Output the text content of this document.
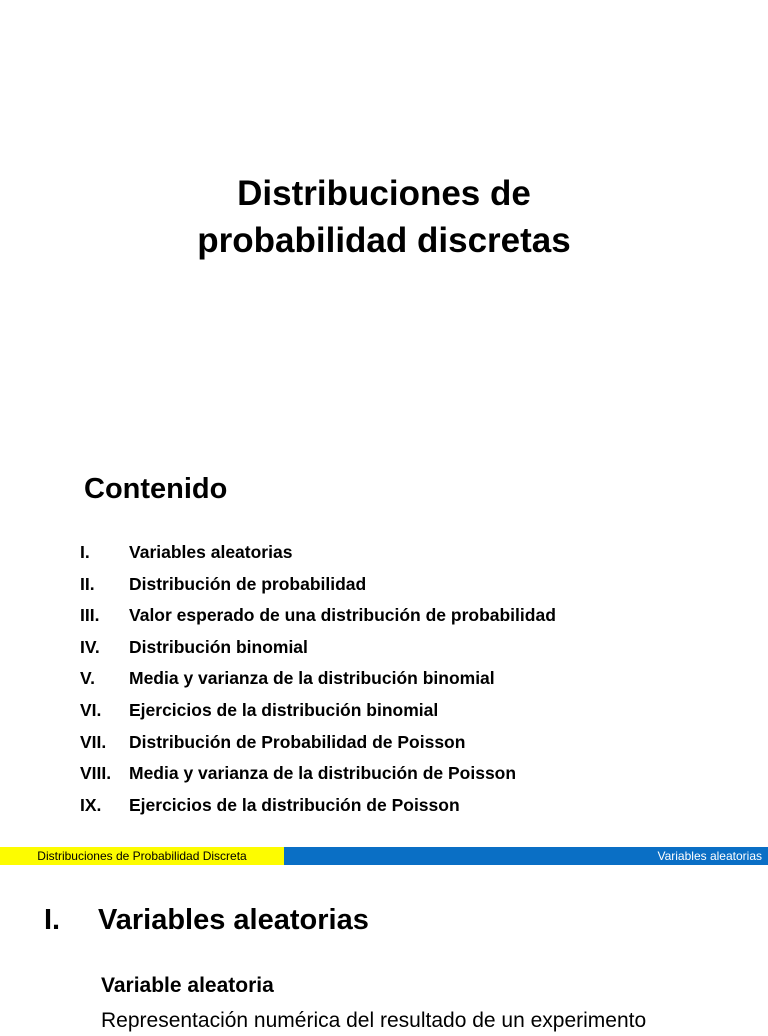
Distribuciones de
probabilidad discretas
Contenido
I.	Variables aleatorias
II.	Distribución de probabilidad
III.	Valor esperado de una distribución de probabilidad
IV.	Distribución binomial
V.	Media y varianza de la distribución binomial
VI.	Ejercicios de la distribución binomial
VII.	Distribución de Probabilidad de Poisson
VIII.	Media y varianza de la distribución de Poisson
IX.	Ejercicios de la distribución de Poisson
Distribuciones de Probabilidad Discreta	Variables aleatorias
I. Variables aleatorias
Variable aleatoria
Representación numérica del resultado de un experimento
